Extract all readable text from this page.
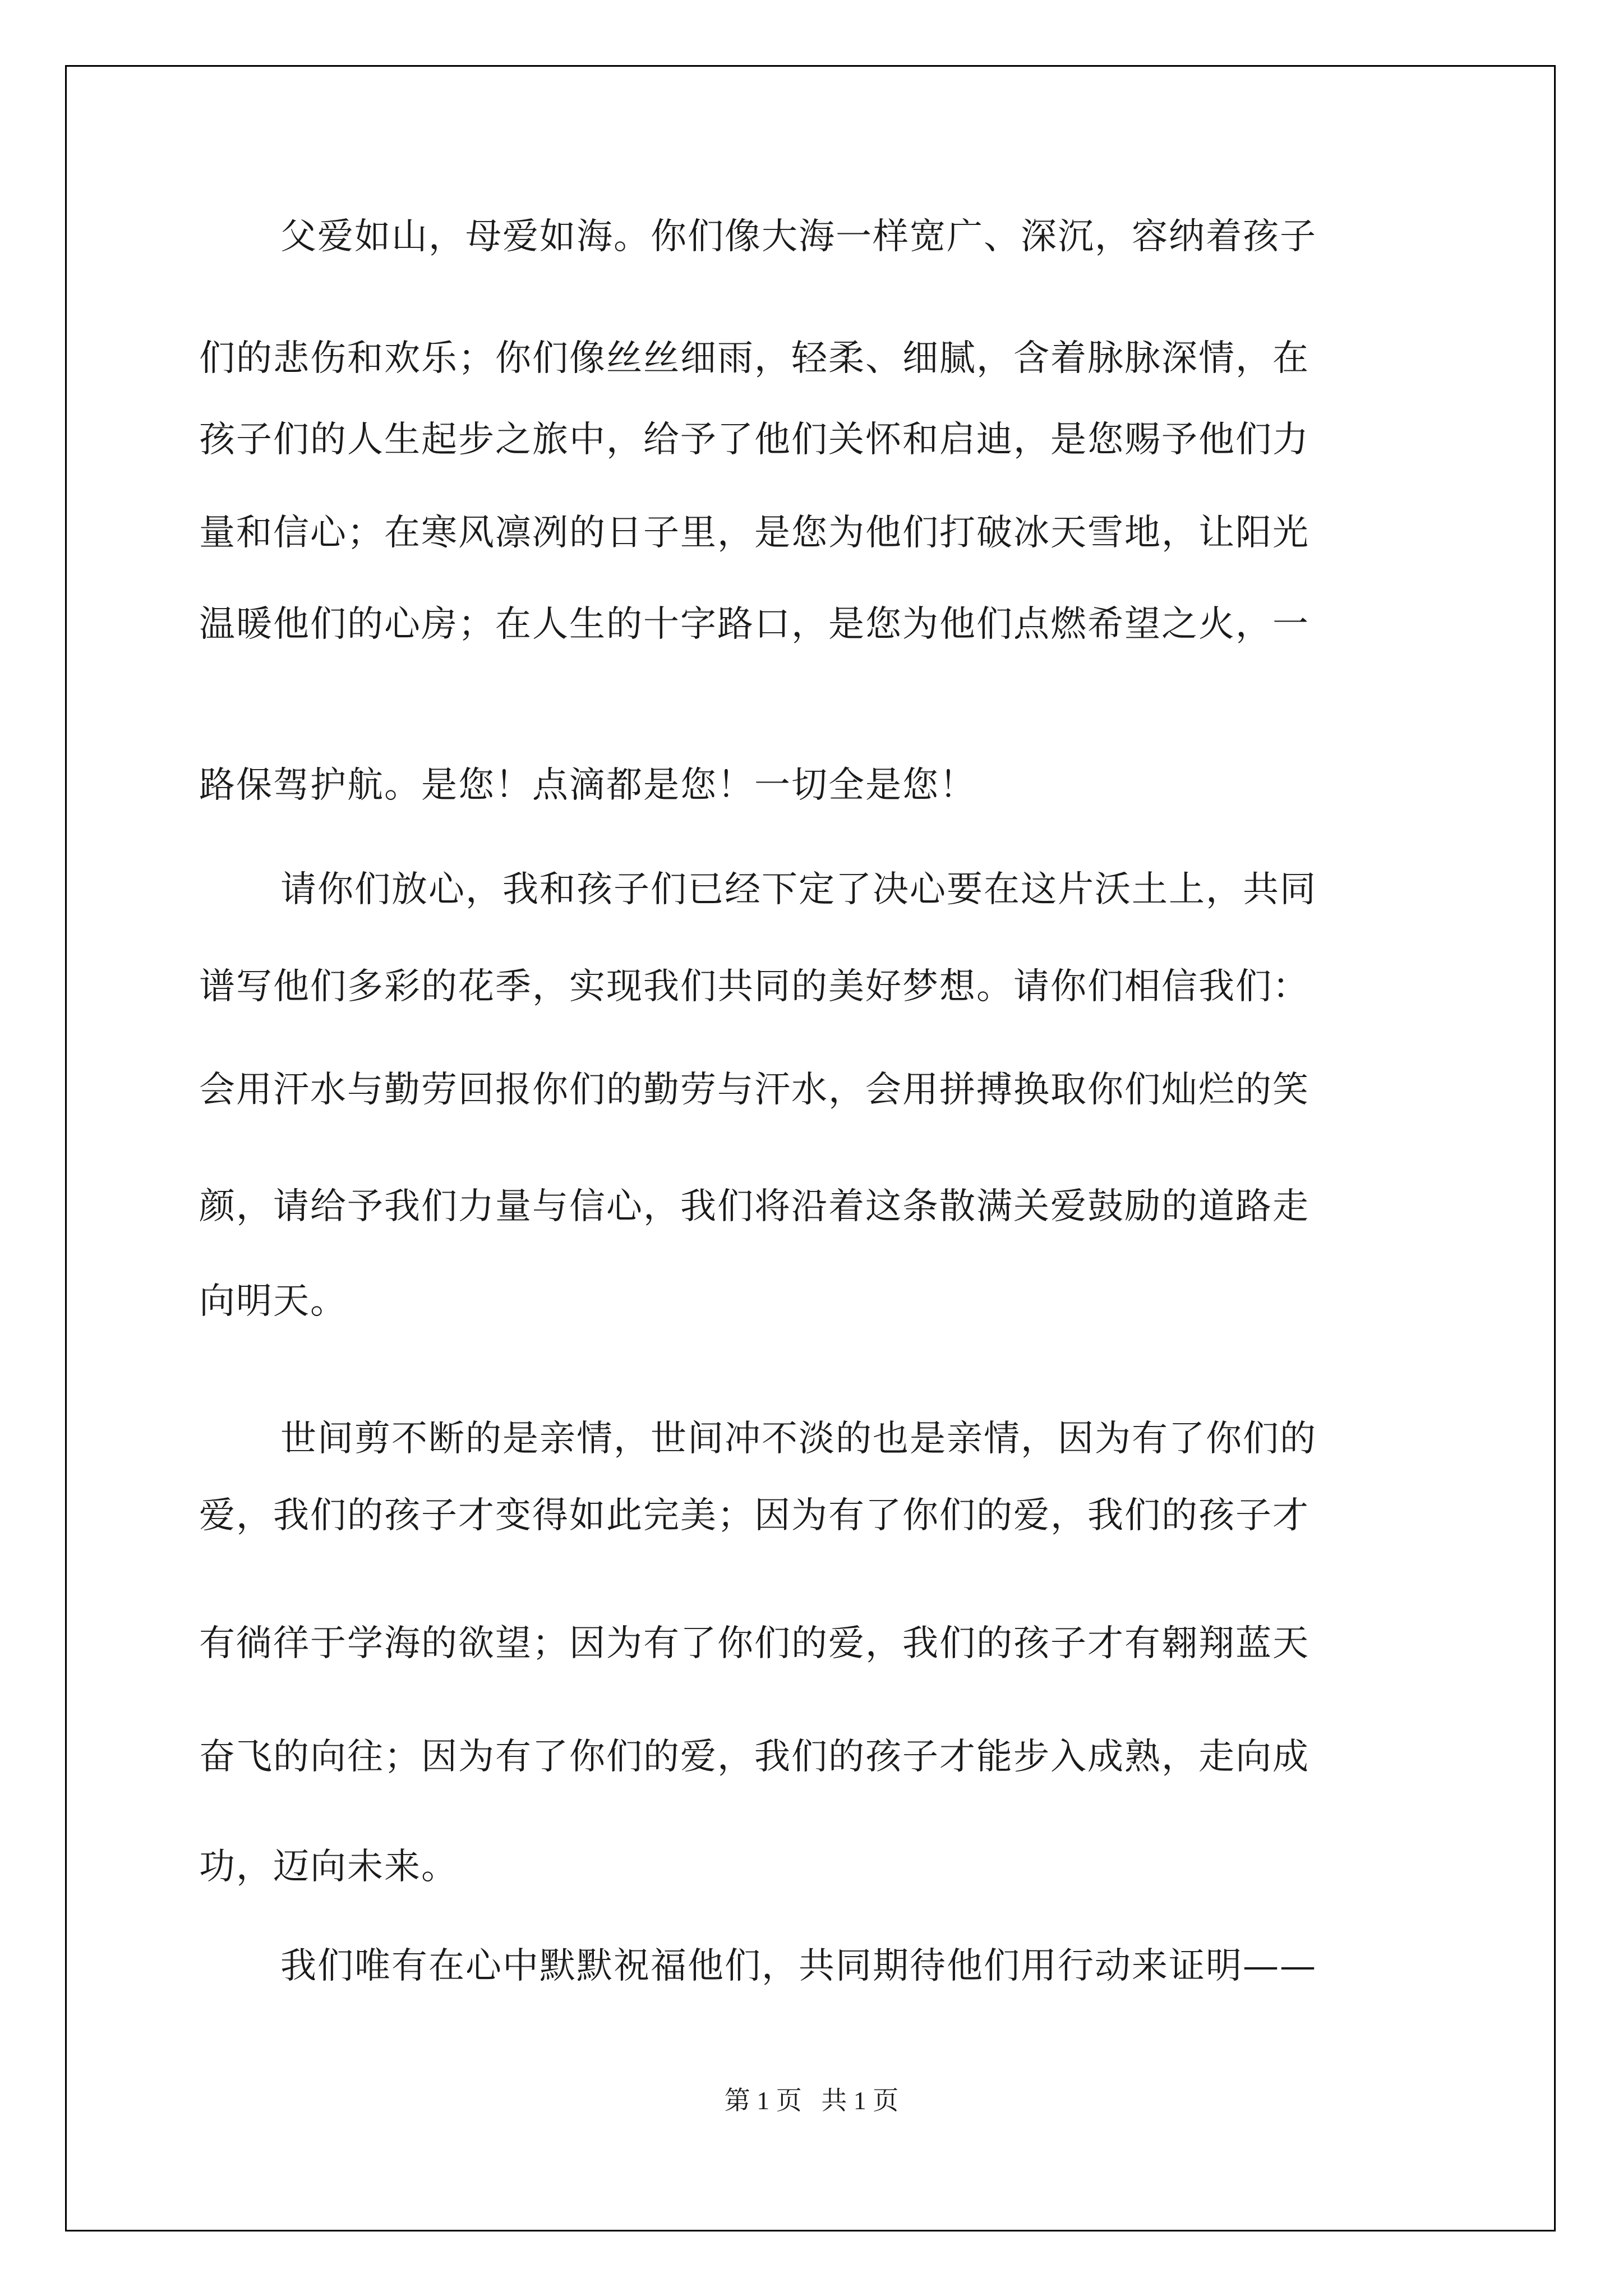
父爱如山，母爱如海。你们像大海一样宽广、深沉，容纳着孩子

们的悲伤和欢乐；你们像丝丝细雨，轻柔、细腻，含着脉脉深情，在

孩子们的人生起步之旅中，给予了他们关怀和启迪，是您赐予他们力

量和信心；在寒风凛冽的日子里，是您为他们打破冰天雪地，让阳光

温暖他们的心房；在人生的十字路口，是您为他们点燃希望之火，一

路保驾护航。是您！点滴都是您！一切全是您！

请你们放心，我和孩子们已经下定了决心要在这片沃土上，共同

谱写他们多彩的花季，实现我们共同的美好梦想。请你们相信我们：

会用汗水与勤劳回报你们的勤劳与汗水，会用拼搏换取你们灿烂的笑

颜，请给予我们力量与信心，我们将沿着这条散满关爱鼓励的道路走

向明天。

世间剪不断的是亲情，世间冲不淡的也是亲情，因为有了你们的

爱，我们的孩子才变得如此完美；因为有了你们的爱，我们的孩子才

有徜徉于学海的欲望；因为有了你们的爱，我们的孩子才有翱翔蓝天

奋飞的向往；因为有了你们的爱，我们的孩子才能步入成熟，走向成

功，迈向未来。

我们唯有在心中默默祝福他们，共同期待他们用行动来证明——

第 1 页   共 1 页
